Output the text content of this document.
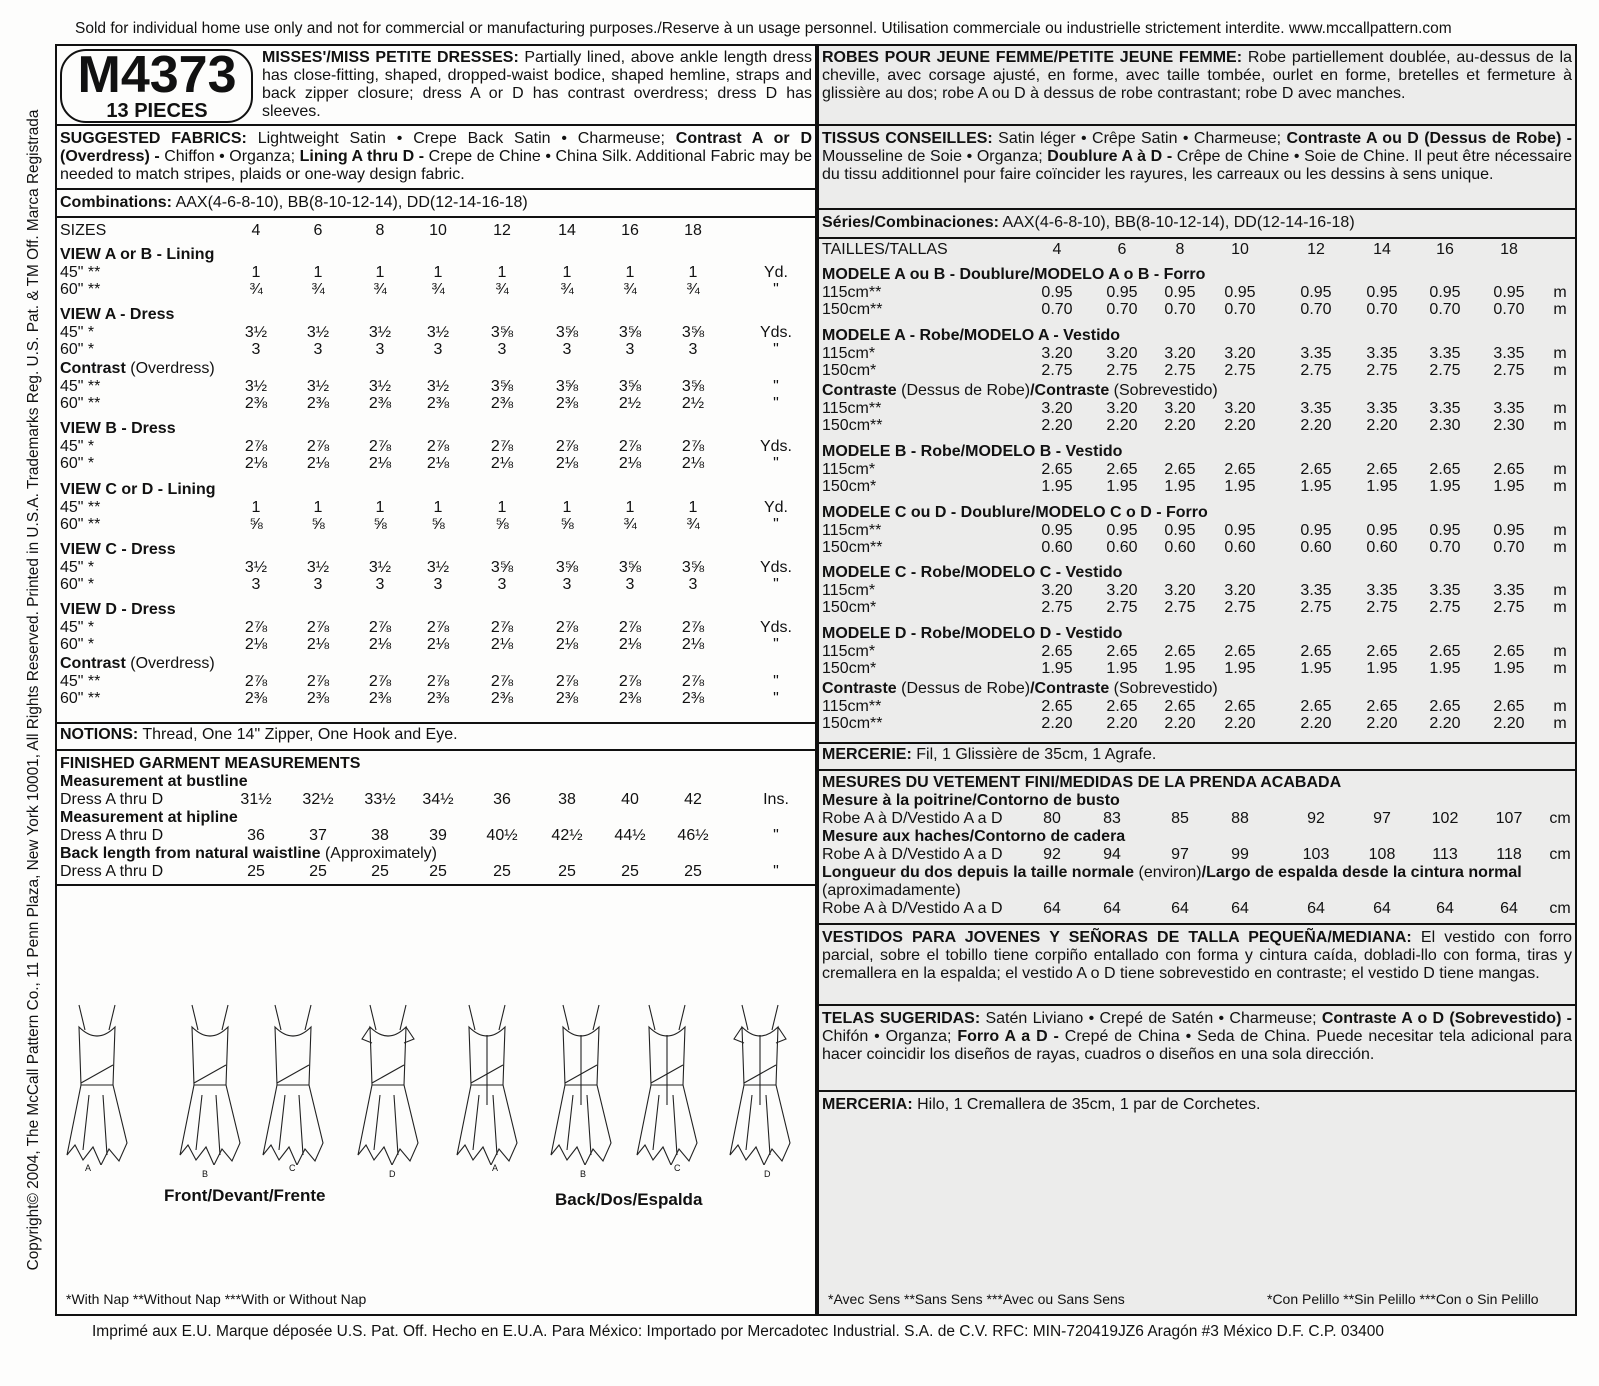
Sold for individual home use only and not for commercial or manufacturing purposes./Reserve à un usage personnel. Utilisation commerciale ou industrielle strictement interdite. www.mccallpattern.com
Copyright© 2004, The McCall Pattern Co., 11 Penn Plaza, New York 10001, All Rights Reserved. Printed in U.S.A. Trademarks Reg. U.S. Pat. & TM Off. Marca Registrada
Imprimé aux E.U. Marque déposée U.S. Pat. Off. Hecho en E.U.A. Para México: Importado por Mercadotec Industrial. S.A. de C.V. RFC: MIN-720419JZ6 Aragón #3 México D.F. C.P. 03400
M4373
13 PIECES
MISSES'/MISS PETITE DRESSES: Partially lined, above ankle length dress has close-fitting, shaped, dropped-waist bodice, shaped hemline, straps and back zipper closure; dress A or D has contrast overdress; dress D has sleeves.
SUGGESTED FABRICS: Lightweight Satin • Crepe Back Satin • Charmeuse; Contrast A or D (Overdress) - Chiffon • Organza; Lining A thru D - Crepe de Chine • China Silk. Additional Fabric may be needed to match stripes, plaids or one-way design fabric.
Combinations: AAX(4-6-8-10), BB(8-10-12-14), DD(12-14-16-18)
NOTIONS: Thread, One 14" Zipper, One Hook and Eye.
FINISHED GARMENT MEASUREMENTS
Front/Devant/Frente	Back/Dos/Espalda
*With Nap **Without Nap ***With or Without Nap
ROBES POUR JEUNE FEMME/PETITE JEUNE FEMME: Robe partiellement doublée, au-dessus de la cheville, avec corsage ajusté, en forme, avec taille tombée, ourlet en forme, bretelles et fermeture à glissière au dos; robe A ou D à dessus de robe contrastant; robe D avec manches.
TISSUS CONSEILLES: Satin léger • Crêpe Satin • Charmeuse; Contraste A ou D (Dessus de Robe) - Mousseline de Soie • Organza; Doublure A à D - Crêpe de Chine • Soie de Chine. Il peut être nécessaire du tissu additionnel pour faire coïncider les rayures, les carreaux ou les dessins à sens unique.
Séries/Combinaciones: AAX(4-6-8-10), BB(8-10-12-14), DD(12-14-16-18)
MERCERIE: Fil, 1 Glissière de 35cm, 1 Agrafe.
MESURES DU VETEMENT FINI/MEDIDAS DE LA PRENDA ACABADA
VESTIDOS PARA JOVENES Y SEÑORAS DE TALLA PEQUEÑA/MEDIANA: El vestido con forro parcial, sobre el tobillo tiene corpiño entallado con forma y cintura caída, dobladi-llo con forma, tiras y cremallera en la espalda; el vestido A o D tiene sobrevestido en contraste; el vestido D tiene mangas.
TELAS SUGERIDAS: Satén Liviano • Crepé de Satén • Charmeuse; Contraste A o D (Sobrevestido) - Chifón • Organza; Forro A a D - Crepé de China • Seda de China. Puede necesitar tela adicional para hacer coincidir los diseños de rayas, cuadros o diseños en una sola dirección.
MERCERIA: Hilo, 1 Cremallera de 35cm, 1 par de Corchetes.
*Avec Sens **Sans Sens ***Avec ou Sans Sens	*Con Pelillo **Sin Pelillo ***Con o Sin Pelillo
SIZES	4	6	8	10	12	14	16	18
VIEW A or B - Lining
45" **	1	1	1	1	1	1	1	1	Yd.
60" **	¾	¾	¾	¾	¾	¾	¾	¾	"
VIEW A - Dress
45" *	3½	3½	3½	3½	3⅝	3⅝	3⅝	3⅝	Yds.
60" *	3	3	3	3	3	3	3	3	"
Contrast (Overdress)
45" **	3½	3½	3½	3½	3⅝	3⅝	3⅝	3⅝	"
60" **	2⅜	2⅜	2⅜	2⅜	2⅜	2⅜	2½	2½	"
VIEW B - Dress
45" *	2⅞	2⅞	2⅞	2⅞	2⅞	2⅞	2⅞	2⅞	Yds.
60" *	2⅛	2⅛	2⅛	2⅛	2⅛	2⅛	2⅛	2⅛	"
VIEW C or D - Lining
45" **	1	1	1	1	1	1	1	1	Yd.
60" **	⅝	⅝	⅝	⅝	⅝	⅝	¾	¾	"
VIEW C - Dress
45" *	3½	3½	3½	3½	3⅝	3⅝	3⅝	3⅝	Yds.
60" *	3	3	3	3	3	3	3	3	"
VIEW D - Dress
45" *	2⅞	2⅞	2⅞	2⅞	2⅞	2⅞	2⅞	2⅞	Yds.
60" *	2⅛	2⅛	2⅛	2⅛	2⅛	2⅛	2⅛	2⅛	"
Contrast (Overdress)
45" **	2⅞	2⅞	2⅞	2⅞	2⅞	2⅞	2⅞	2⅞	"
60" **	2⅜	2⅜	2⅜	2⅜	2⅜	2⅜	2⅜	2⅜	"
Measurement at bustline
Dress A thru D	31½	32½	33½	34½	36	38	40	42	Ins.
Measurement at hipline
Dress A thru D	36	37	38	39	40½	42½	44½	46½	"
Back length from natural waistline (Approximately)
Dress A thru D	25	25	25	25	25	25	25	25	"
TAILLES/TALLAS	4	6	8	10	12	14	16	18
MODELE A ou B - Doublure/MODELO A o B - Forro
115cm**	0.95	0.95	0.95	0.95	0.95	0.95	0.95	0.95	m
150cm**	0.70	0.70	0.70	0.70	0.70	0.70	0.70	0.70	m
MODELE A - Robe/MODELO A - Vestido
115cm*	3.20	3.20	3.20	3.20	3.35	3.35	3.35	3.35	m
150cm*	2.75	2.75	2.75	2.75	2.75	2.75	2.75	2.75	m
Contraste (Dessus de Robe)/Contraste (Sobrevestido)
115cm**	3.20	3.20	3.20	3.20	3.35	3.35	3.35	3.35	m
150cm**	2.20	2.20	2.20	2.20	2.20	2.20	2.30	2.30	m
MODELE B - Robe/MODELO B - Vestido
115cm*	2.65	2.65	2.65	2.65	2.65	2.65	2.65	2.65	m
150cm*	1.95	1.95	1.95	1.95	1.95	1.95	1.95	1.95	m
MODELE C ou D - Doublure/MODELO C o D - Forro
115cm**	0.95	0.95	0.95	0.95	0.95	0.95	0.95	0.95	m
150cm**	0.60	0.60	0.60	0.60	0.60	0.60	0.70	0.70	m
MODELE C - Robe/MODELO C - Vestido
115cm*	3.20	3.20	3.20	3.20	3.35	3.35	3.35	3.35	m
150cm*	2.75	2.75	2.75	2.75	2.75	2.75	2.75	2.75	m
MODELE D - Robe/MODELO D - Vestido
115cm*	2.65	2.65	2.65	2.65	2.65	2.65	2.65	2.65	m
150cm*	1.95	1.95	1.95	1.95	1.95	1.95	1.95	1.95	m
Contraste (Dessus de Robe)/Contraste (Sobrevestido)
115cm**	2.65	2.65	2.65	2.65	2.65	2.65	2.65	2.65	m
150cm**	2.20	2.20	2.20	2.20	2.20	2.20	2.20	2.20	m
Mesure à la poitrine/Contorno de busto
Robe A à D/Vestido A a D	80	83	85	88	92	97	102	107	cm
Mesure aux haches/Contorno de cadera
Robe A à D/Vestido A a D	92	94	97	99	103	108	113	118	cm
Longueur du dos depuis la taille normale (environ)/Largo de espalda desde la cintura normal (aproximadamente)
Robe A à D/Vestido A a D	64	64	64	64	64	64	64	64	cm
A
B
C
D
A
B
C
D
